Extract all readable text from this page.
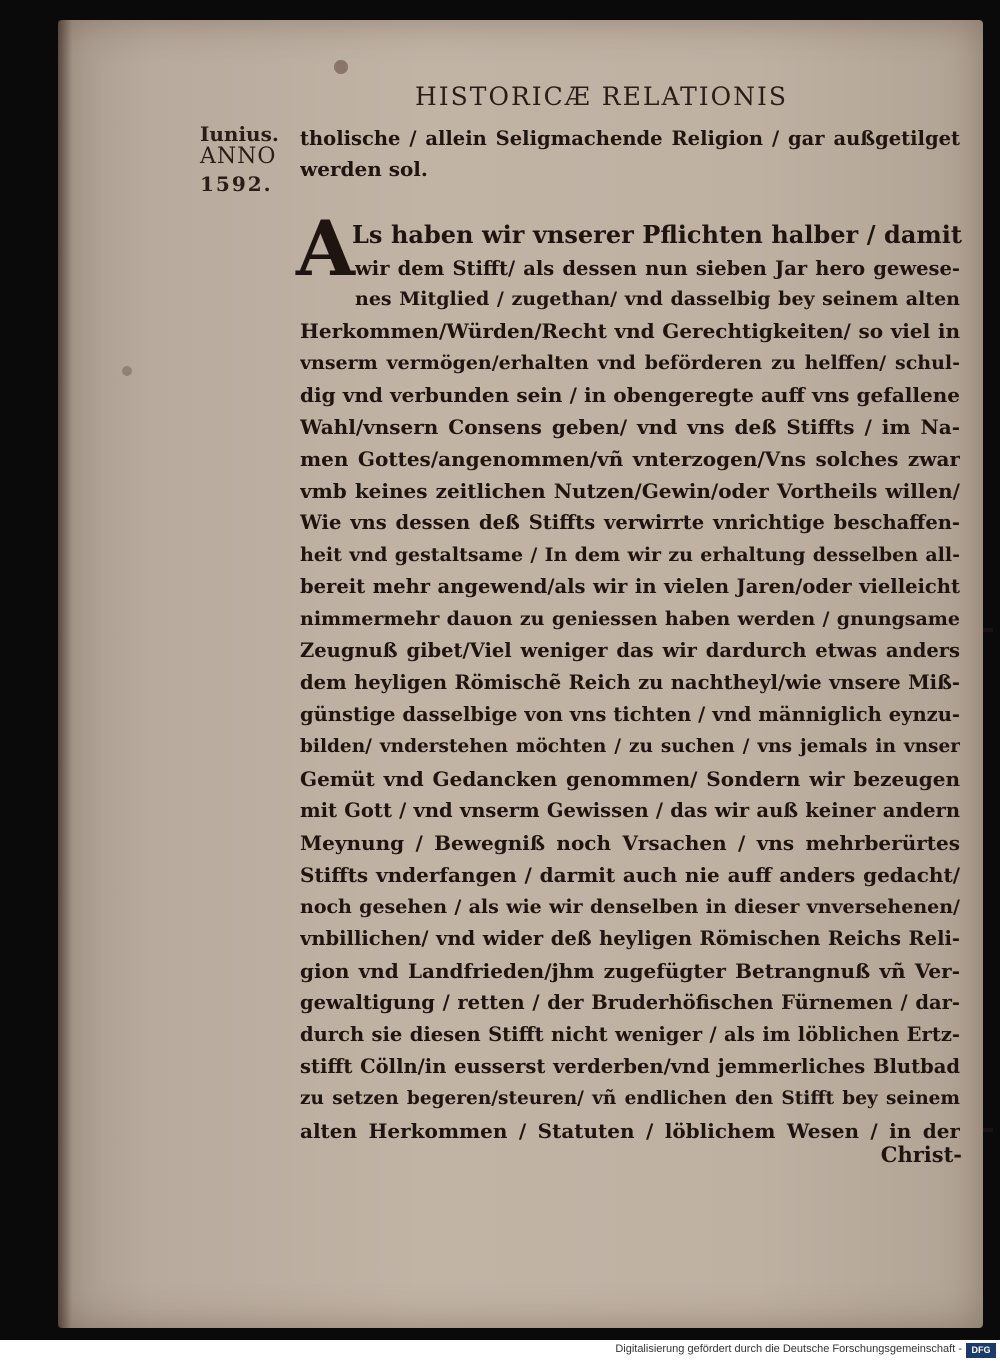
HISTORICÆ RELATIONIS
Iunius.
ANNO
1592.
A
tholische / allein Seligmachende Religion / gar außgetilget
werden sol.
Ls haben wir vnserer Pflichten halber / damit
wir dem Stifft/ als dessen nun sieben Jar hero gewese-
nes Mitglied / zugethan/ vnd dasselbig bey seinem alten
Herkommen/Würden/Recht vnd Gerechtigkeiten/ so viel in
vnserm vermögen/erhalten vnd beförderen zu helffen/ schul-
dig vnd verbunden sein / in obengeregte auff vns gefallene
Wahl/vnsern Consens geben/ vnd vns deß Stiffts / im Na-
men Gottes/angenommen/vñ vnterzogen/Vns solches zwar
vmb keines zeitlichen Nutzen/Gewin/oder Vortheils willen/
Wie vns dessen deß Stiffts verwirrte vnrichtige beschaffen-
heit vnd gestaltsame / In dem wir zu erhaltung desselben all-
bereit mehr angewend/als wir in vielen Jaren/oder vielleicht
nimmermehr dauon zu geniessen haben werden / gnungsame
Zeugnuß gibet/Viel weniger das wir dardurch etwas anders
dem heyligen Römischẽ Reich zu nachtheyl/wie vnsere Miß-
günstige dasselbige von vns tichten / vnd männiglich eynzu-
bilden/ vnderstehen möchten / zu suchen / vns jemals in vnser
Gemüt vnd Gedancken genommen/ Sondern wir bezeugen
mit Gott / vnd vnserm Gewissen / das wir auß keiner andern
Meynung / Bewegniß noch Vrsachen / vns mehrberürtes
Stiffts vnderfangen / darmit auch nie auff anders gedacht/
noch gesehen / als wie wir denselben in dieser vnversehenen/
vnbillichen/ vnd wider deß heyligen Römischen Reichs Reli-
gion vnd Landfrieden/jhm zugefügter Betrangnuß vñ Ver-
gewaltigung / retten / der Bruderhöfischen Fürnemen / dar-
durch sie diesen Stifft nicht weniger / als im löblichen Ertz-
stifft Cölln/in eusserst verderben/vnd jemmerliches Blutbad
zu setzen begeren/steuren/ vñ endlichen den Stifft bey seinem
alten Herkommen / Statuten / löblichem Wesen / in der
Christ-
Digitalisierung gefördert durch die Deutsche Forschungsgemeinschaft -	DFG
